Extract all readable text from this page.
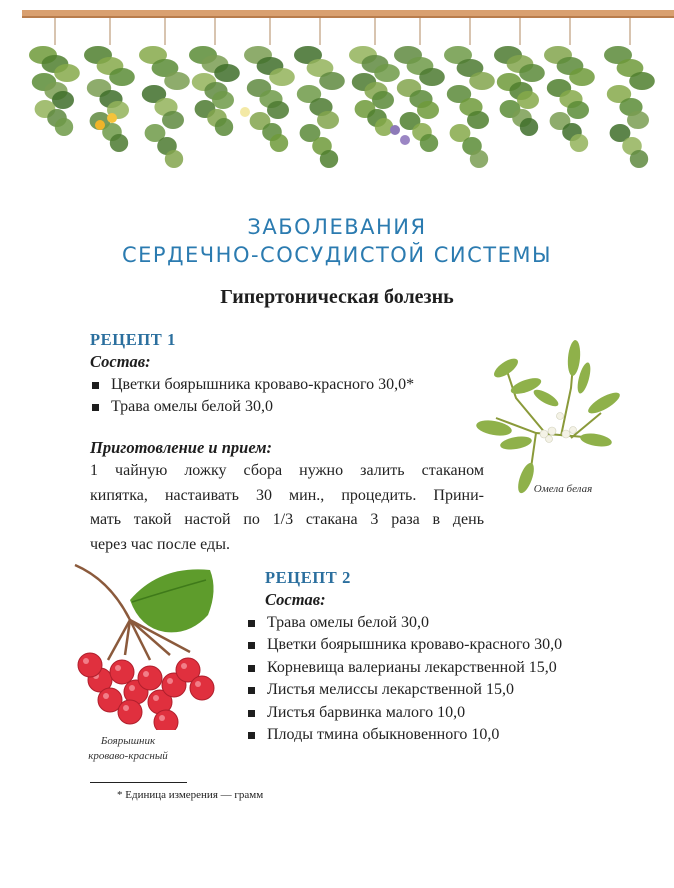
ЗАБОЛЕВАНИЯ
СЕРДЕЧНО-СОСУДИСТОЙ СИСТЕМЫ
Гипертоническая болезнь
РЕЦЕПТ 1
Состав:
Цветки боярышника кроваво-красного 30,0*
Трава омелы белой 30,0
Приготовление и прием:
1 чайную ложку сбора нужно залить стаканом
кипятка, настаивать 30 мин., процедить. Прини-
мать такой настой по 1/3 стакана 3 раза в день
через час после еды.
Омела белая
Боярышник
кроваво-красный
РЕЦЕПТ 2
Состав:
Трава омелы белой 30,0
Цветки боярышника кроваво-красного 30,0
Корневища валерианы лекарственной 15,0
Листья мелиссы лекарственной 15,0
Листья барвинка малого 10,0
Плоды тмина обыкновенного 10,0
* Единица измерения — грамм
